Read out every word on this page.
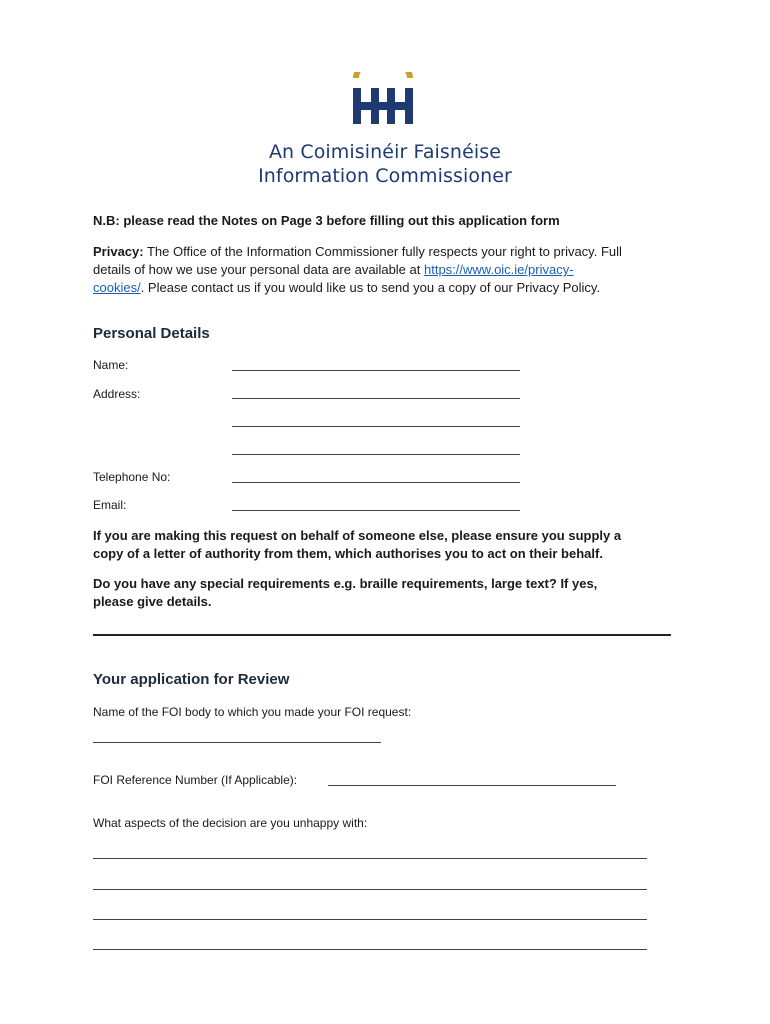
An Coimisinéir Faisnéise
Information Commissioner
N.B: please read the Notes on Page 3 before filling out this application form
Privacy: The Office of the Information Commissioner fully respects your right to privacy. Full
details of how we use your personal data are available at https://www.oic.ie/privacy-
cookies/. Please contact us if you would like us to send you a copy of our Privacy Policy.
Personal Details
Name:
Address:
Telephone No:
Email:
If you are making this request on behalf of someone else, please ensure you supply a
copy of a letter of authority from them, which authorises you to act on their behalf.
Do you have any special requirements e.g. braille requirements, large text? If yes,
please give details.
Your application for Review
Name of the FOI body to which you made your FOI request:
FOI Reference Number (If Applicable):
What aspects of the decision are you unhappy with:
